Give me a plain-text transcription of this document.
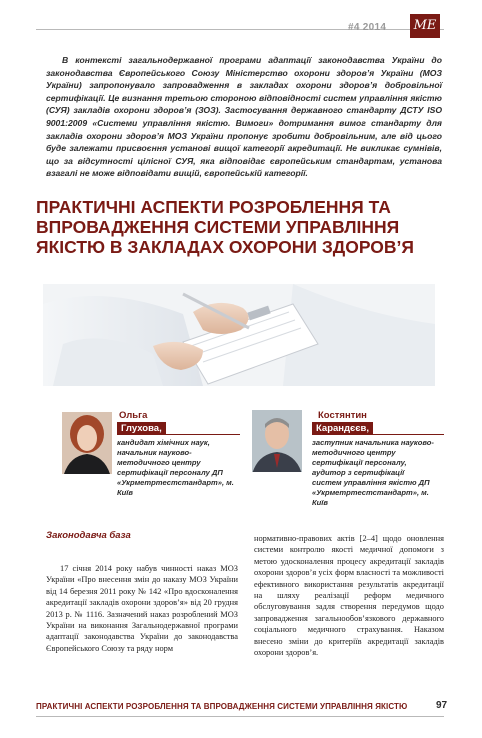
#4 2014 МЕ

В контексті загальнодержавної програми адаптації законодавства України до законодавства Європейського Союзу Міністерство охорони здоров’я України (МОЗ України) запропонувало запровадження в закладах охорони здоров’я добровільної сертифікації. Це визнання третьою стороною відповідності систем управління якістю (СУЯ) закладів охорони здоров’я (ЗОЗ). Застосування державного стандарту ДСТУ ISO 9001:2009 «Системи управління якістю. Вимоги» дотримання вимог стандарту для закладів охорони здоров’я МОЗ України пропонує зробити добровільним, але від цього буде залежати присвоєння установі вищої категорії акредитації. Не викликає сумнівів, що за відсутності цілісної СУЯ, яка відповідає європейським стандартам, установа взагалі не може відповідати вищій, європейській категорії.

ПРАКТИЧНІ АСПЕКТИ РОЗРОБЛЕННЯ ТА ВПРОВАДЖЕННЯ СИСТЕМИ УПРАВЛІННЯ ЯКІСТЮ В ЗАКЛАДАХ ОХОРОНИ ЗДОРОВ’Я
Ольга
Глухова,

кандидат хімічних наук, начальник науково-методичного центру сертифікації персоналу ДП «Укрметртестстандарт», м. Київ

Костянтин
Карандєєв,

заступник начальника науково-методичного центру сертифікації персоналу, аудитор з сертифікації систем управління якістю ДП «Укрметртестстандарт», м. Київ

Законодавча база

17 січня 2014 року набув чинності наказ МОЗ України «Про внесення змін до наказу МОЗ України від 14 березня 2011 року № 142 «Про вдосконалення акредитації закладів охорони здоров’я» від 20 грудня 2013 р. № 1116. Зазначений наказ розроблений МОЗ України на виконання Загальнодержавної програми адаптації законодавства України до законодавства Європейського Союзу та ряду норм

нормативно-правових актів [2–4] щодо оновлення системи контролю якості медичної допомоги з метою удосконалення процесу акредитації закладів охорони здоров’я усіх форм власності та можливості ефективного використання результатів акредитації на шляху реалізації реформ медичного обслуговування задля створення передумов щодо запровадження загальнообов’язкового державного соціального медичного страхування. Наказом внесено зміни до критеріїв акредитації закладів охорони здоров’я.

ПРАКТИЧНІ АСПЕКТИ РОЗРОБЛЕННЯ ТА ВПРОВАДЖЕННЯ СИСТЕМИ УПРАВЛІННЯ ЯКІСТЮ	97
